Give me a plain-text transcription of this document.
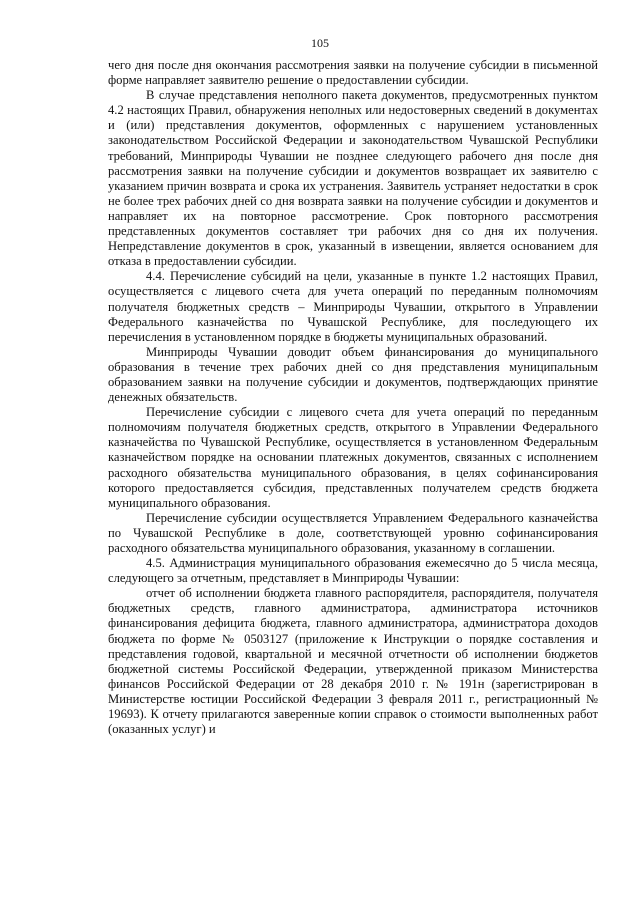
105

чего дня после дня окончания рассмотрения заявки на получение субсидии в письменной форме направляет заявителю решение о предоставлении субсидии.

В случае представления неполного пакета документов, предусмотренных пунктом 4.2 настоящих Правил, обнаружения неполных или недостоверных сведений в документах и (или) представления документов, оформленных с нарушением установленных законодательством Российской Федерации и законодательством Чувашской Республики требований, Минприроды Чувашии не позднее следующего рабочего дня после дня рассмотрения заявки на получение субсидии и документов возвращает их заявителю с указанием причин возврата и срока их устранения. Заявитель устраняет недостатки в срок не более трех рабочих дней со дня возврата заявки на получение субсидии и документов и направляет их на повторное рассмотрение. Срок повторного рассмотрения представленных документов составляет три рабочих дня со дня их получения. Непредставление документов в срок, указанный в извещении, является основанием для отказа в предоставлении субсидии.

4.4. Перечисление субсидий на цели, указанные в пункте 1.2 настоящих Правил, осуществляется с лицевого счета для учета операций по переданным полномочиям получателя бюджетных средств – Минприроды Чувашии, открытого в Управлении Федерального казначейства по Чувашской Республике, для последующего их перечисления в установленном порядке в бюджеты муниципальных образований.

Минприроды Чувашии доводит объем финансирования до муниципального образования в течение трех рабочих дней со дня представления муниципальным образованием заявки на получение субсидии и документов, подтверждающих принятие денежных обязательств.

Перечисление субсидии с лицевого счета для учета операций по переданным полномочиям получателя бюджетных средств, открытого в Управлении Федерального казначейства по Чувашской Республике, осуществляется в установленном Федеральным казначейством порядке на основании платежных документов, связанных с исполнением расходного обязательства муниципального образования, в целях софинансирования которого предоставляется субсидия, представленных получателем средств бюджета муниципального образования.

Перечисление субсидии осуществляется Управлением Федерального казначейства по Чувашской Республике в доле, соответствующей уровню софинансирования расходного обязательства муниципального образования, указанному в соглашении.

4.5. Администрация муниципального образования ежемесячно до 5 числа месяца, следующего за отчетным, представляет в Минприроды Чувашии:

отчет об исполнении бюджета главного распорядителя, распорядителя, получателя бюджетных средств, главного администратора, администратора источников финансирования дефицита бюджета, главного администратора, администратора доходов бюджета по форме № 0503127 (приложение к Инструкции о порядке составления и представления годовой, квартальной и месячной отчетности об исполнении бюджетов бюджетной системы Российской Федерации, утвержденной приказом Министерства финансов Российской Федерации от 28 декабря 2010 г. № 191н (зарегистрирован в Министерстве юстиции Российской Федерации 3 февраля 2011 г., регистрационный № 19693). К отчету прилагаются заверенные копии справок о стоимости выполненных работ (оказанных услуг) и
